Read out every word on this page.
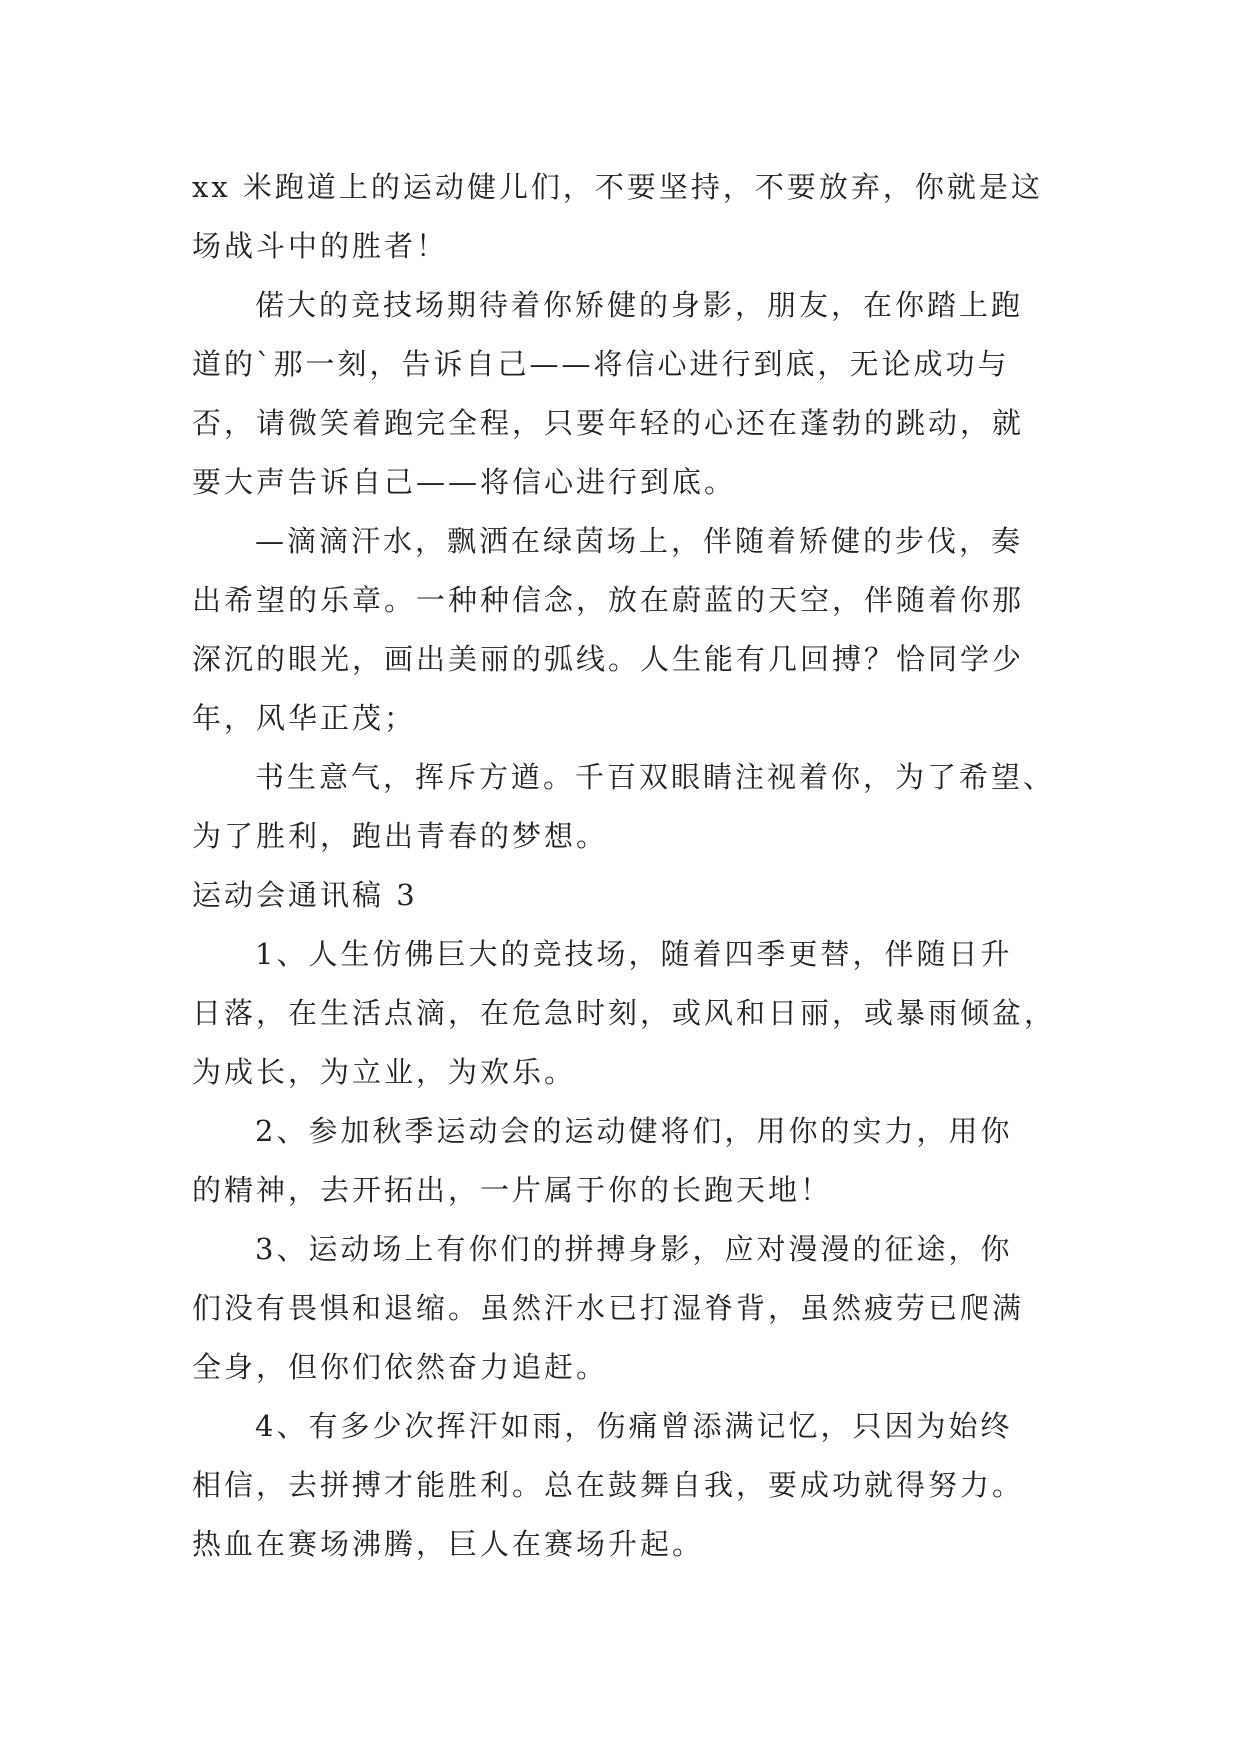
xx 米跑道上的运动健儿们，不要坚持，不要放弃，你就是这
场战斗中的胜者！
偌大的竞技场期待着你矫健的身影，朋友，在你踏上跑
道的`那一刻，告诉自己——将信心进行到底，无论成功与
否，请微笑着跑完全程，只要年轻的心还在蓬勃的跳动，就
要大声告诉自己——将信心进行到底。
—滴滴汗水，飘洒在绿茵场上，伴随着矫健的步伐，奏
出希望的乐章。一种种信念，放在蔚蓝的天空，伴随着你那
深沉的眼光，画出美丽的弧线。人生能有几回搏？恰同学少
年，风华正茂；
书生意气，挥斥方遒。千百双眼睛注视着你，为了希望、
为了胜利，跑出青春的梦想。
运动会通讯稿 3
1、人生仿佛巨大的竞技场，随着四季更替，伴随日升
日落，在生活点滴，在危急时刻，或风和日丽，或暴雨倾盆，
为成长，为立业，为欢乐。
2、参加秋季运动会的运动健将们，用你的实力，用你
的精神，去开拓出，一片属于你的长跑天地！
3、运动场上有你们的拼搏身影，应对漫漫的征途，你
们没有畏惧和退缩。虽然汗水已打湿脊背，虽然疲劳已爬满
全身，但你们依然奋力追赶。
4、有多少次挥汗如雨，伤痛曾添满记忆，只因为始终
相信，去拼搏才能胜利。总在鼓舞自我，要成功就得努力。
热血在赛场沸腾，巨人在赛场升起。
